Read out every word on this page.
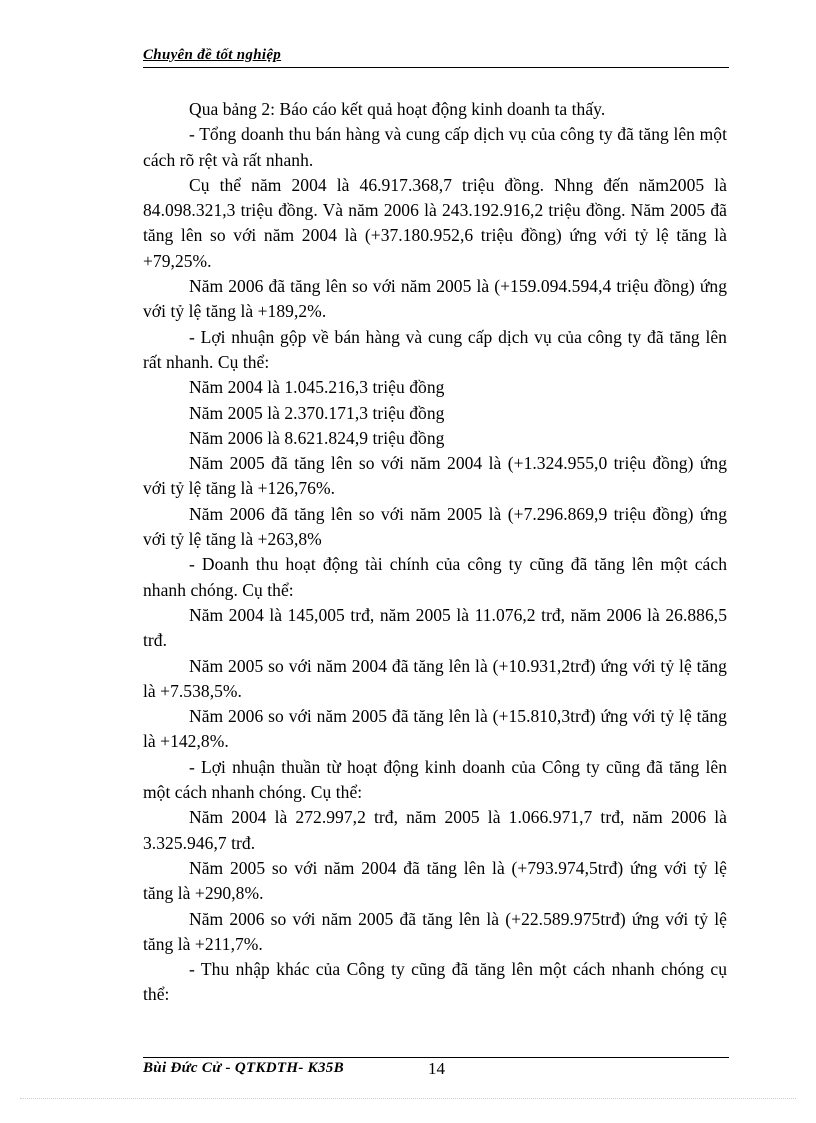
Chuyên đề tốt nghiệp

Qua bảng 2: Báo cáo kết quả hoạt động kinh doanh ta thấy.

- Tổng doanh thu bán hàng và cung cấp dịch vụ của công ty đã tăng lên một cách rõ rệt và rất nhanh.

Cụ thể năm 2004 là 46.917.368,7 triệu đồng. Nhng đến năm2005 là 84.098.321,3 triệu đồng. Và năm 2006 là 243.192.916,2 triệu đồng. Năm 2005 đã tăng lên so với năm 2004 là (+37.180.952,6 triệu đồng) ứng với tỷ lệ tăng là +79,25%.

Năm 2006 đã tăng lên so với năm 2005 là (+159.094.594,4 triệu đồng) ứng với tỷ lệ tăng là +189,2%.

- Lợi nhuận gộp về bán hàng và cung cấp dịch vụ của công ty đã tăng lên rất nhanh. Cụ thể:

Năm 2004 là 1.045.216,3 triệu đồng

Năm 2005 là 2.370.171,3 triệu đồng

Năm 2006 là 8.621.824,9 triệu đồng

Năm 2005 đã tăng lên so với năm 2004 là (+1.324.955,0 triệu đồng) ứng với tỷ lệ tăng là +126,76%.

Năm 2006 đã tăng lên so với năm 2005 là (+7.296.869,9 triệu đồng) ứng với tỷ lệ tăng là +263,8%

- Doanh thu hoạt động tài chính của công ty cũng đã tăng lên một cách nhanh chóng. Cụ thể:

Năm 2004 là 145,005 trđ, năm 2005 là 11.076,2 trđ, năm 2006 là 26.886,5 trđ.

Năm 2005 so với năm 2004 đã tăng lên là (+10.931,2trđ) ứng với tỷ lệ tăng là +7.538,5%.

Năm 2006 so với năm 2005 đã tăng lên là (+15.810,3trđ) ứng với tỷ lệ tăng là +142,8%.

- Lợi nhuận thuần từ hoạt động kinh doanh của Công ty cũng đã tăng lên một cách nhanh chóng. Cụ thể:

Năm 2004 là 272.997,2 trđ, năm 2005 là 1.066.971,7 trđ, năm 2006 là 3.325.946,7 trđ.

Năm 2005 so với năm 2004 đã tăng lên là (+793.974,5trđ) ứng với tỷ lệ tăng là +290,8%.

Năm 2006 so với năm 2005 đã tăng lên là (+22.589.975trđ) ứng với tỷ lệ tăng là +211,7%.

- Thu nhập khác của Công ty cũng đã tăng lên một cách nhanh chóng cụ thể:

Bùi Đức Cử - QTKDTH- K35B	14
